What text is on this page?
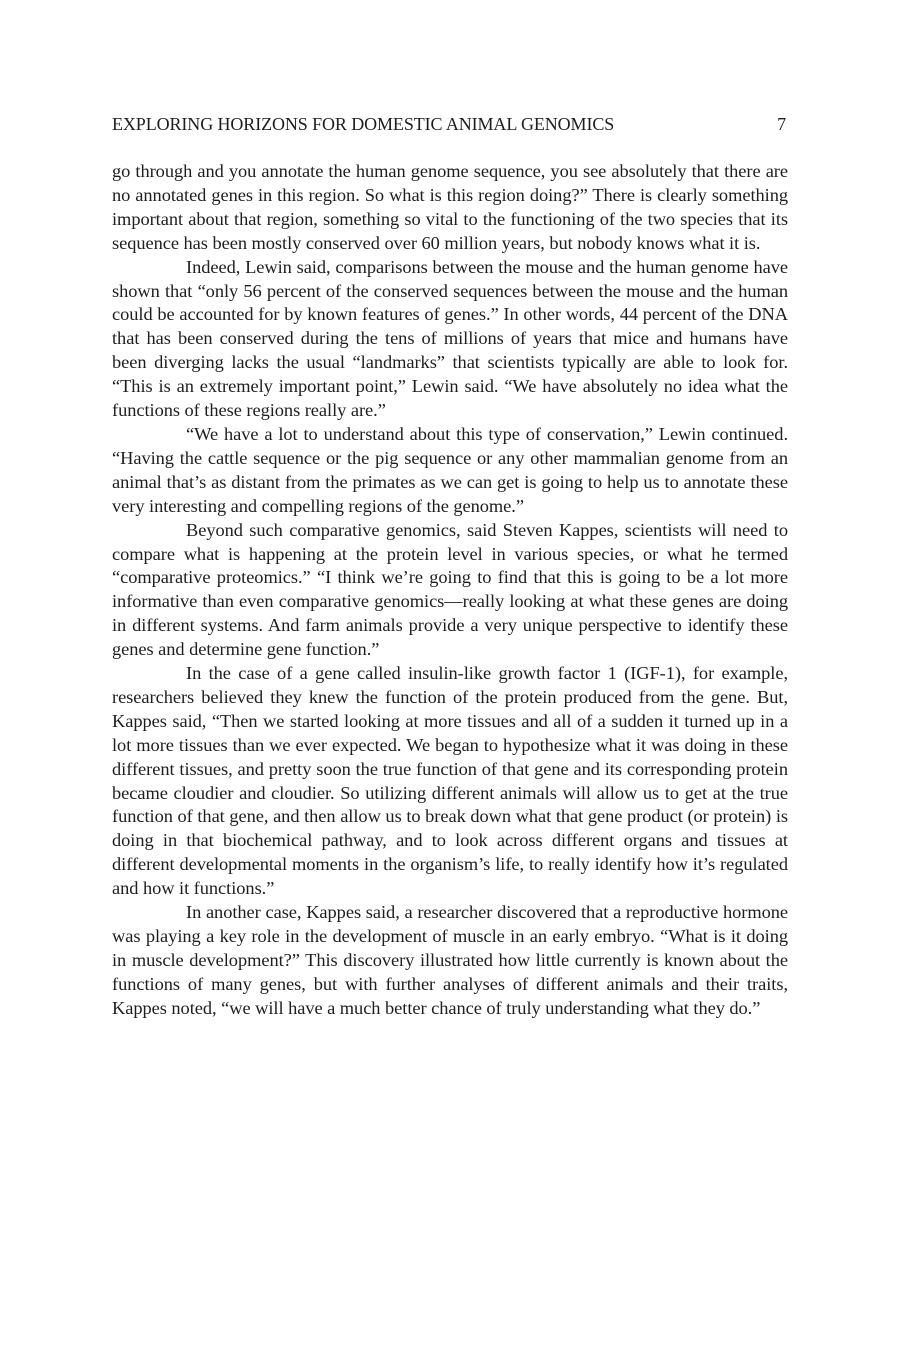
EXPLORING HORIZONS FOR DOMESTIC ANIMAL GENOMICS	7

go through and you annotate the human genome sequence, you see absolutely that there are no annotated genes in this region. So what is this region doing?” There is clearly something important about that region, something so vital to the functioning of the two species that its sequence has been mostly conserved over 60 million years, but nobody knows what it is.

Indeed, Lewin said, comparisons between the mouse and the human genome have shown that “only 56 percent of the conserved sequences between the mouse and the human could be accounted for by known features of genes.” In other words, 44 percent of the DNA that has been conserved during the tens of millions of years that mice and humans have been diverging lacks the usual “landmarks” that scientists typically are able to look for. “This is an extremely important point,” Lewin said. “We have absolutely no idea what the functions of these regions really are.”

“We have a lot to understand about this type of conservation,” Lewin continued. “Having the cattle sequence or the pig sequence or any other mammalian genome from an animal that’s as distant from the primates as we can get is going to help us to annotate these very interesting and compelling regions of the genome.”

Beyond such comparative genomics, said Steven Kappes, scientists will need to compare what is happening at the protein level in various species, or what he termed “comparative proteomics.” “I think we’re going to find that this is going to be a lot more informative than even comparative genomics—really looking at what these genes are doing in different systems. And farm animals provide a very unique perspective to identify these genes and determine gene function.”

In the case of a gene called insulin-like growth factor 1 (IGF-1), for example, researchers believed they knew the function of the protein produced from the gene. But, Kappes said, “Then we started looking at more tissues and all of a sudden it turned up in a lot more tissues than we ever expected. We began to hypothesize what it was doing in these different tissues, and pretty soon the true function of that gene and its corresponding protein became cloudier and cloudier. So utilizing different animals will allow us to get at the true function of that gene, and then allow us to break down what that gene product (or protein) is doing in that biochemical pathway, and to look across different organs and tissues at different developmental moments in the organism’s life, to really identify how it’s regulated and how it functions.”

In another case, Kappes said, a researcher discovered that a reproductive hormone was playing a key role in the development of muscle in an early embryo. “What is it doing in muscle development?” This discovery illustrated how little currently is known about the functions of many genes, but with further analyses of different animals and their traits, Kappes noted, “we will have a much better chance of truly understanding what they do.”
